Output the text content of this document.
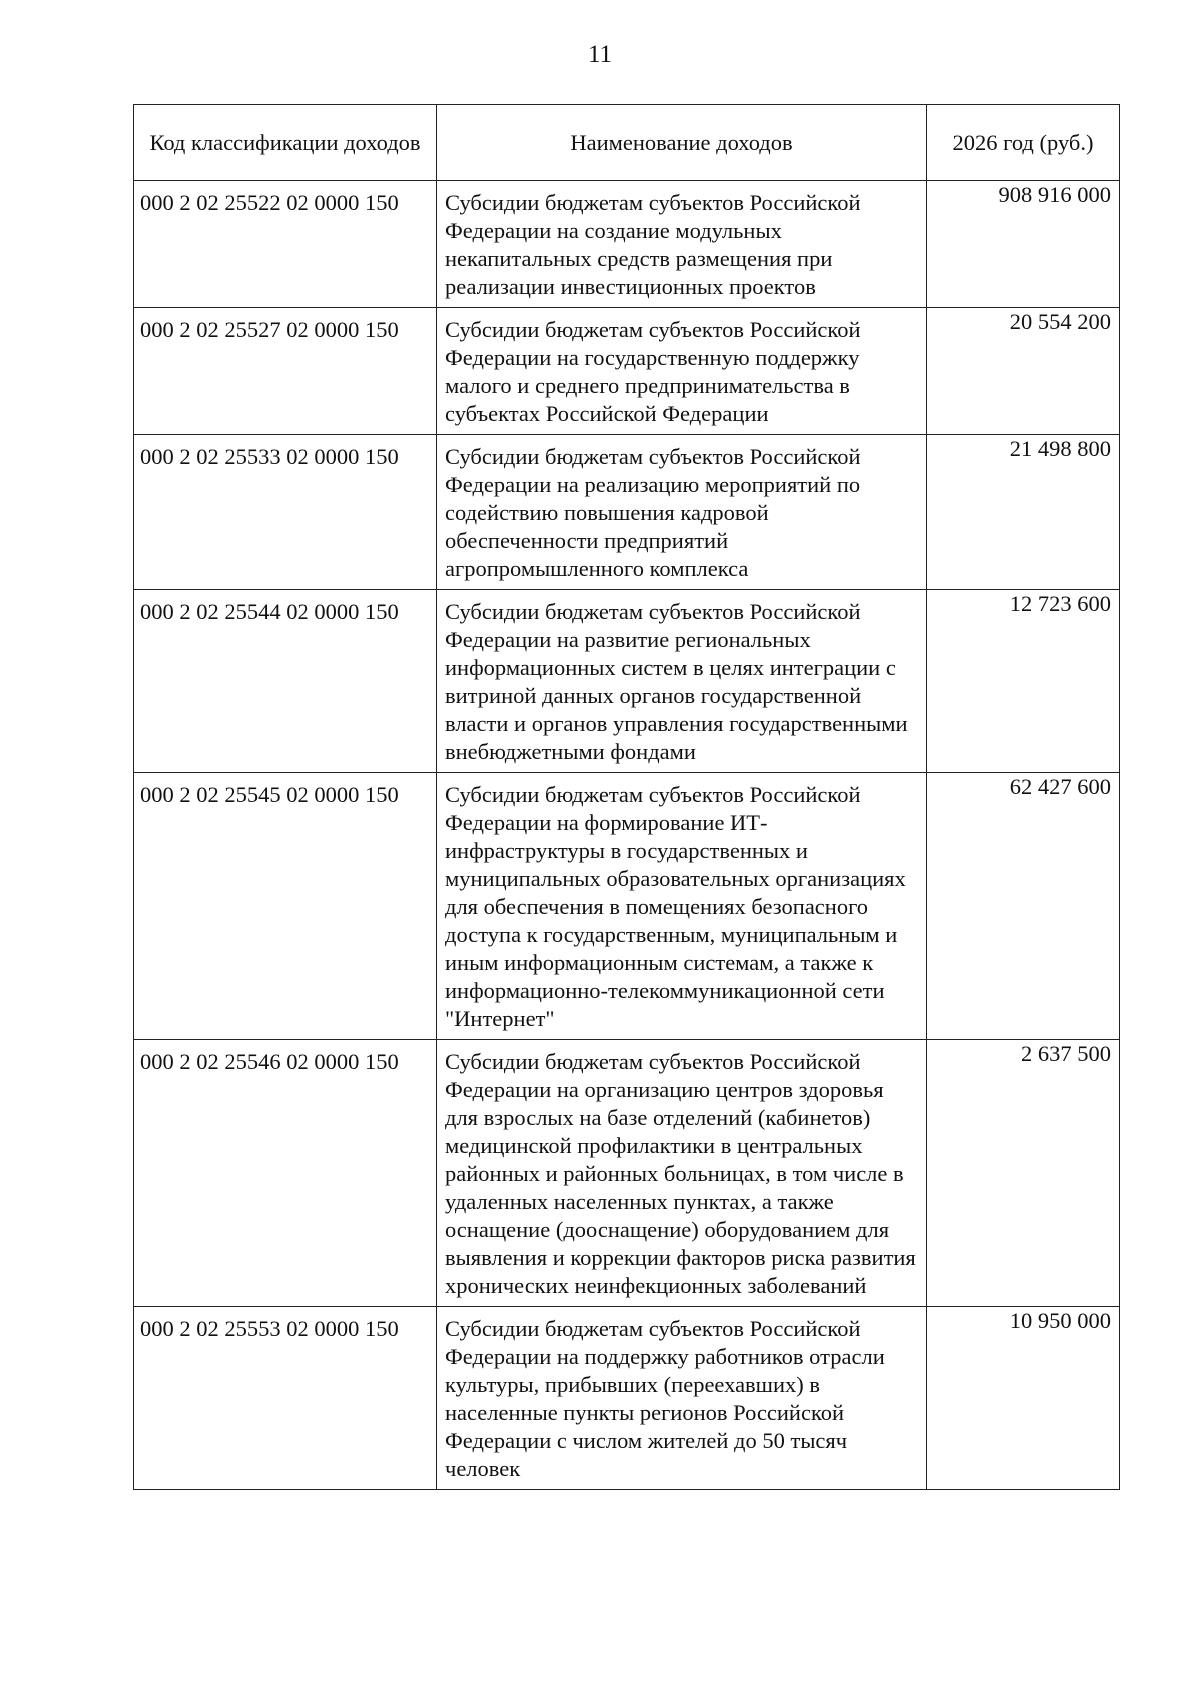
11
Код классификации доходов	Наименование доходов	2026 год (руб.)
000 2 02 25522 02 0000 150	Субсидии бюджетам субъектов Российской Федерации на создание модульных некапитальных средств размещения при реализации инвестиционных проектов	908 916 000
000 2 02 25527 02 0000 150	Субсидии бюджетам субъектов Российской Федерации на государственную поддержку малого и среднего предпринимательства в субъектах Российской Федерации	20 554 200
000 2 02 25533 02 0000 150	Субсидии бюджетам субъектов Российской Федерации на реализацию мероприятий по содействию повышения кадровой обеспеченности предприятий агропромышленного комплекса	21 498 800
000 2 02 25544 02 0000 150	Субсидии бюджетам субъектов Российской Федерации на развитие региональных информационных систем в целях интеграции с витриной данных органов государственной власти и органов управления государственными внебюджетными фондами	12 723 600
000 2 02 25545 02 0000 150	Субсидии бюджетам субъектов Российской Федерации на формирование ИТ-инфраструктуры в государственных и муниципальных образовательных организациях для обеспечения в помещениях безопасного доступа к государственным, муниципальным и иным информационным системам, а также к информационно-телекоммуникационной сети "Интернет"	62 427 600
000 2 02 25546 02 0000 150	Субсидии бюджетам субъектов Российской Федерации на организацию центров здоровья для взрослых на базе отделений (кабинетов) медицинской профилактики в центральных районных и районных больницах, в том числе в удаленных населенных пунктах, а также оснащение (дооснащение) оборудованием для выявления и коррекции факторов риска развития хронических неинфекционных заболеваний	2 637 500
000 2 02 25553 02 0000 150	Субсидии бюджетам субъектов Российской Федерации на поддержку работников отрасли культуры, прибывших (переехавших) в населенные пункты регионов Российской Федерации с числом жителей до 50 тысяч человек	10 950 000
